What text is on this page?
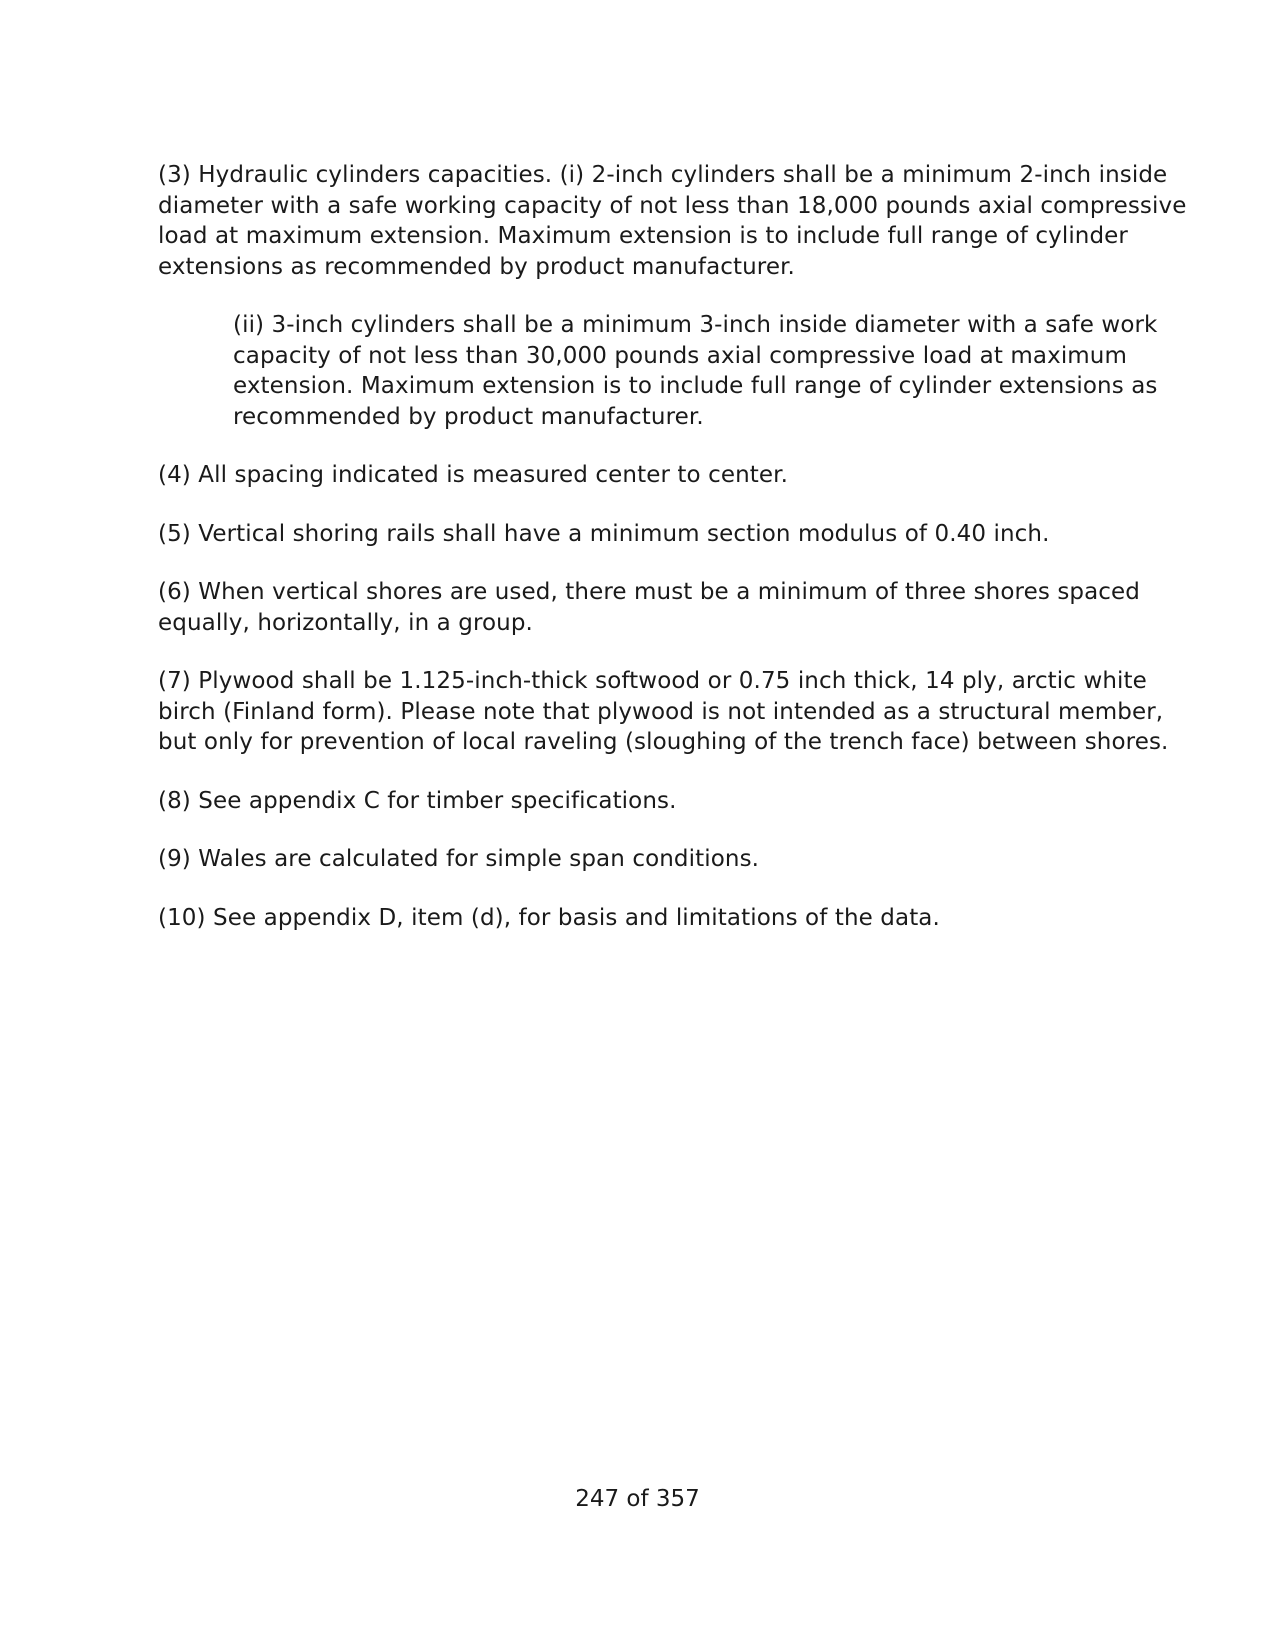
(3) Hydraulic cylinders capacities. (i) 2-inch cylinders shall be a minimum 2-inch inside diameter with a safe working capacity of not less than 18,000 pounds axial compressive load at maximum extension. Maximum extension is to include full range of cylinder extensions as recommended by product manufacturer.

(ii) 3-inch cylinders shall be a minimum 3-inch inside diameter with a safe work capacity of not less than 30,000 pounds axial compressive load at maximum extension. Maximum extension is to include full range of cylinder extensions as recommended by product manufacturer.

(4) All spacing indicated is measured center to center.

(5) Vertical shoring rails shall have a minimum section modulus of 0.40 inch.

(6) When vertical shores are used, there must be a minimum of three shores spaced equally, horizontally, in a group.

(7) Plywood shall be 1.125-inch-thick softwood or 0.75 inch thick, 14 ply, arctic white birch (Finland form). Please note that plywood is not intended as a structural member, but only for prevention of local raveling (sloughing of the trench face) between shores.

(8) See appendix C for timber specifications.

(9) Wales are calculated for simple span conditions.

(10) See appendix D, item (d), for basis and limitations of the data.

247 of 357
